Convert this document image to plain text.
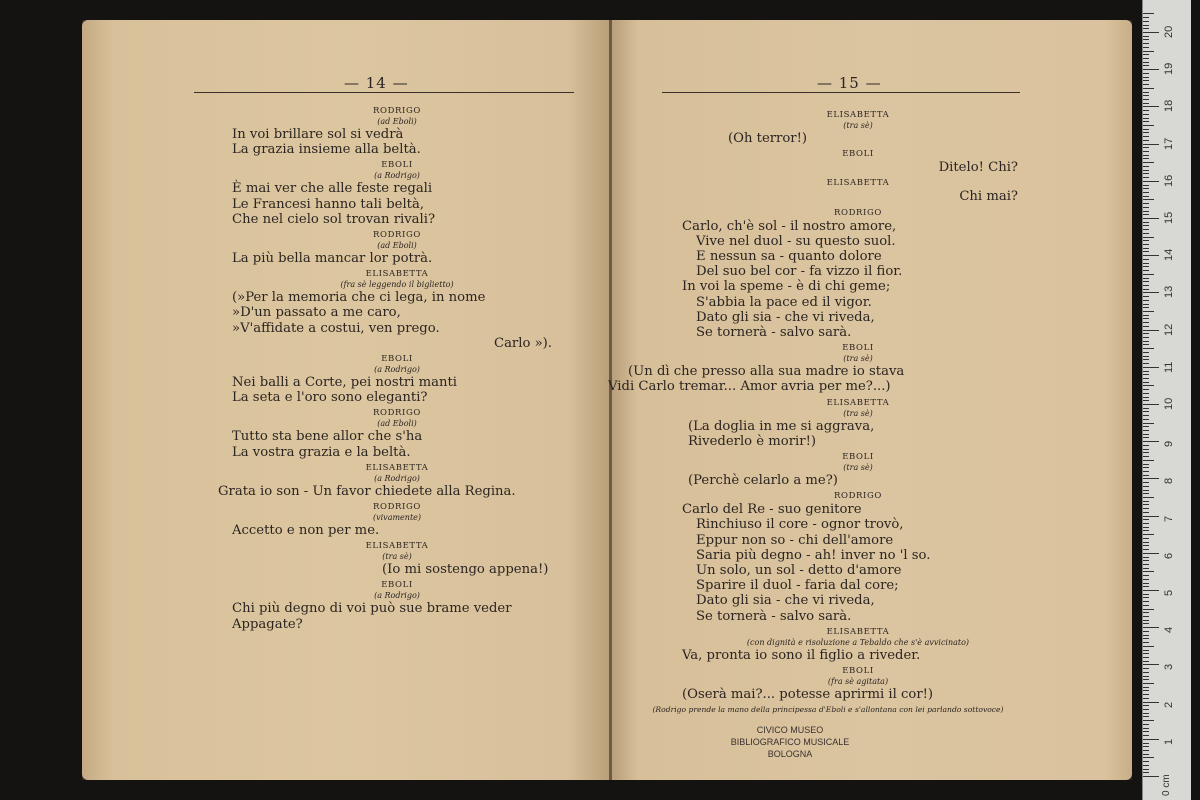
— 14 —
RODRIGO
(ad Eboli)
In voi brillare sol si vedrà
La grazia insieme alla beltà.
EBOLI
(a Rodrigo)
È mai ver che alle feste regali
Le Francesi hanno tali beltà,
Che nel cielo sol trovan rivali?
RODRIGO
(ad Eboli)
La più bella mancar lor potrà.
ELISABETTA
(fra sè leggendo il biglietto)
(»Per la memoria che ci lega, in nome
»D'un passato a me caro,
»V'affidate a costui, ven prego.
Carlo »).
EBOLI
(a Rodrigo)
Nei balli a Corte, pei nostri manti
La seta e l'oro sono eleganti?
RODRIGO
(ad Eboli)
Tutto sta bene allor che s'ha
La vostra grazia e la beltà.
ELISABETTA
(a Rodrigo)
Grata io son - Un favor chiedete alla Regina.
RODRIGO
(vivamente)
Accetto e non per me.
ELISABETTA
(tra sè)
(Io mi sostengo appena!)
EBOLI
(a Rodrigo)
Chi più degno di voi può sue brame veder
Appagate?
— 15 —
ELISABETTA
(tra sè)
(Oh terror!)
EBOLI
Ditelo! Chi?
ELISABETTA
Chi mai?
RODRIGO
Carlo, ch'è sol - il nostro amore,
Vive nel duol - su questo suol.
E nessun sa - quanto dolore
Del suo bel cor - fa vizzo il fior.
In voi la speme - è di chi geme;
S'abbia la pace ed il vigor.
Dato gli sia - che vi riveda,
Se tornerà - salvo sarà.
EBOLI
(tra sè)
(Un dì che presso alla sua madre io stava
Vidi Carlo tremar... Amor avria per me?...)
ELISABETTA
(tra sè)
(La doglia in me si aggrava,
Rivederlo è morir!)
EBOLI
(tra sè)
(Perchè celarlo a me?)
RODRIGO
Carlo del Re - suo genitore
Rinchiuso il core - ognor trovò,
Eppur non so - chi dell'amore
Saria più degno - ah! inver no 'l so.
Un solo, un sol - detto d'amore
Sparire il duol - faria dal core;
Dato gli sia - che vi riveda,
Se tornerà - salvo sarà.
ELISABETTA
(con dignità e risoluzione a Tebaldo che s'è avvicinato)
Va, pronta io sono il figlio a riveder.
EBOLI
(fra sè agitata)
(Oserà mai?... potesse aprirmi il cor!)
(Rodrigo prende la mano della principessa d'Eboli e s'allontana con lei parlando sottovoce)
CIVICO MUSEO
BIBLIOGRAFICO MUSICALE
BOLOGNA
0 cm
1
2
3
4
5
6
7
8
9
10
11
12
13
14
15
16
17
18
19
20
